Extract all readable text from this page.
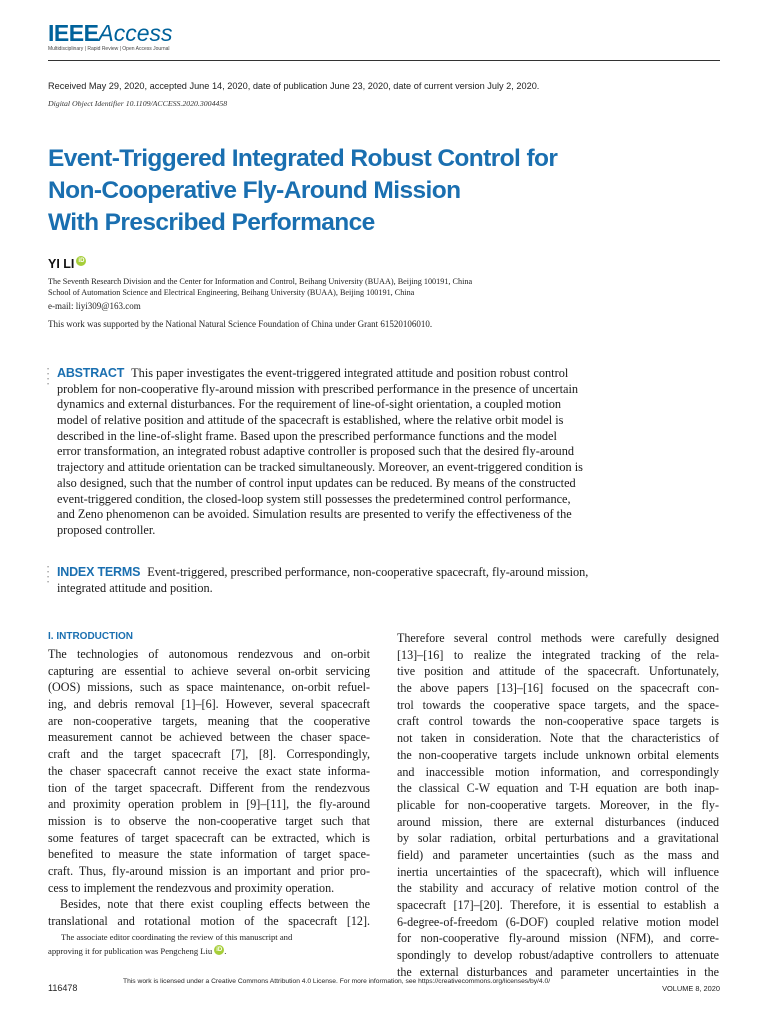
IEEEAccess
Multidisciplinary | Rapid Review | Open Access Journal
Received May 29, 2020, accepted June 14, 2020, date of publication June 23, 2020, date of current version July 2, 2020.
Digital Object Identifier 10.1109/ACCESS.2020.3004458
Event-Triggered Integrated Robust Control for
Non-Cooperative Fly-Around Mission
With Prescribed Performance
YI LI iD
The Seventh Research Division and the Center for Information and Control, Beihang University (BUAA), Beijing 100191, China
School of Automation Science and Electrical Engineering, Beihang University (BUAA), Beijing 100191, China
e-mail: liyi309@163.com
This work was supported by the National Natural Science Foundation of China under Grant 61520106010.
•
•
•
•
ABSTRACT This paper investigates the event-triggered integrated attitude and position robust control
problem for non-cooperative fly-around mission with prescribed performance in the presence of uncertain
dynamics and external disturbances. For the requirement of line-of-sight orientation, a coupled motion
model of relative position and attitude of the spacecraft is established, where the relative orbit model is
described in the line-of-slight frame. Based upon the prescribed performance functions and the model
error transformation, an integrated robust adaptive controller is proposed such that the desired fly-around
trajectory and attitude orientation can be tracked simultaneously. Moreover, an event-triggered condition is
also designed, such that the number of control input updates can be reduced. By means of the constructed
event-triggered condition, the closed-loop system still possesses the predetermined control performance,
and Zeno phenomenon can be avoided. Simulation results are presented to verify the effectiveness of the
proposed controller.
•
•
•
•
INDEX TERMS Event-triggered, prescribed performance, non-cooperative spacecraft, fly-around mission,
integrated attitude and position.
I. INTRODUCTION
The technologies of autonomous rendezvous and on-orbit
capturing are essential to achieve several on-orbit servicing
(OOS) missions, such as space maintenance, on-orbit refuel-
ing, and debris removal [1]–[6]. However, several spacecraft
are non-cooperative targets, meaning that the cooperative
measurement cannot be achieved between the chaser space-
craft and the target spacecraft [7], [8]. Correspondingly,
the chaser spacecraft cannot receive the exact state informa-
tion of the target spacecraft. Different from the rendezvous
and proximity operation problem in [9]–[11], the fly-around
mission is to observe the non-cooperative target such that
some features of target spacecraft can be extracted, which is
benefited to measure the state information of target space-
craft. Thus, fly-around mission is an important and prior pro-
cess to implement the rendezvous and proximity operation.
Besides, note that there exist coupling effects between the
translational and rotational motion of the spacecraft [12].
The associate editor coordinating the review of this manuscript and
approving it for publication was Pengcheng Liu iD .
Therefore several control methods were carefully designed
[13]–[16] to realize the integrated tracking of the rela-
tive position and attitude of the spacecraft. Unfortunately,
the above papers [13]–[16] focused on the spacecraft con-
trol towards the cooperative space targets, and the space-
craft control towards the non-cooperative space targets is
not taken in consideration. Note that the characteristics of
the non-cooperative targets include unknown orbital elements
and inaccessible motion information, and correspondingly
the classical C-W equation and T-H equation are both inap-
plicable for non-cooperative targets. Moreover, in the fly-
around mission, there are external disturbances (induced
by solar radiation, orbital perturbations and a gravitational
field) and parameter uncertainties (such as the mass and
inertia uncertainties of the spacecraft), which will influence
the stability and accuracy of relative motion control of the
spacecraft [17]–[20]. Therefore, it is essential to establish a
6-degree-of-freedom (6-DOF) coupled relative motion model
for non-cooperative fly-around mission (NFM), and corre-
spondingly to develop robust/adaptive controllers to attenuate
the external disturbances and parameter uncertainties in the
116478
This work is licensed under a Creative Commons Attribution 4.0 License. For more information, see https://creativecommons.org/licenses/by/4.0/
VOLUME 8, 2020
